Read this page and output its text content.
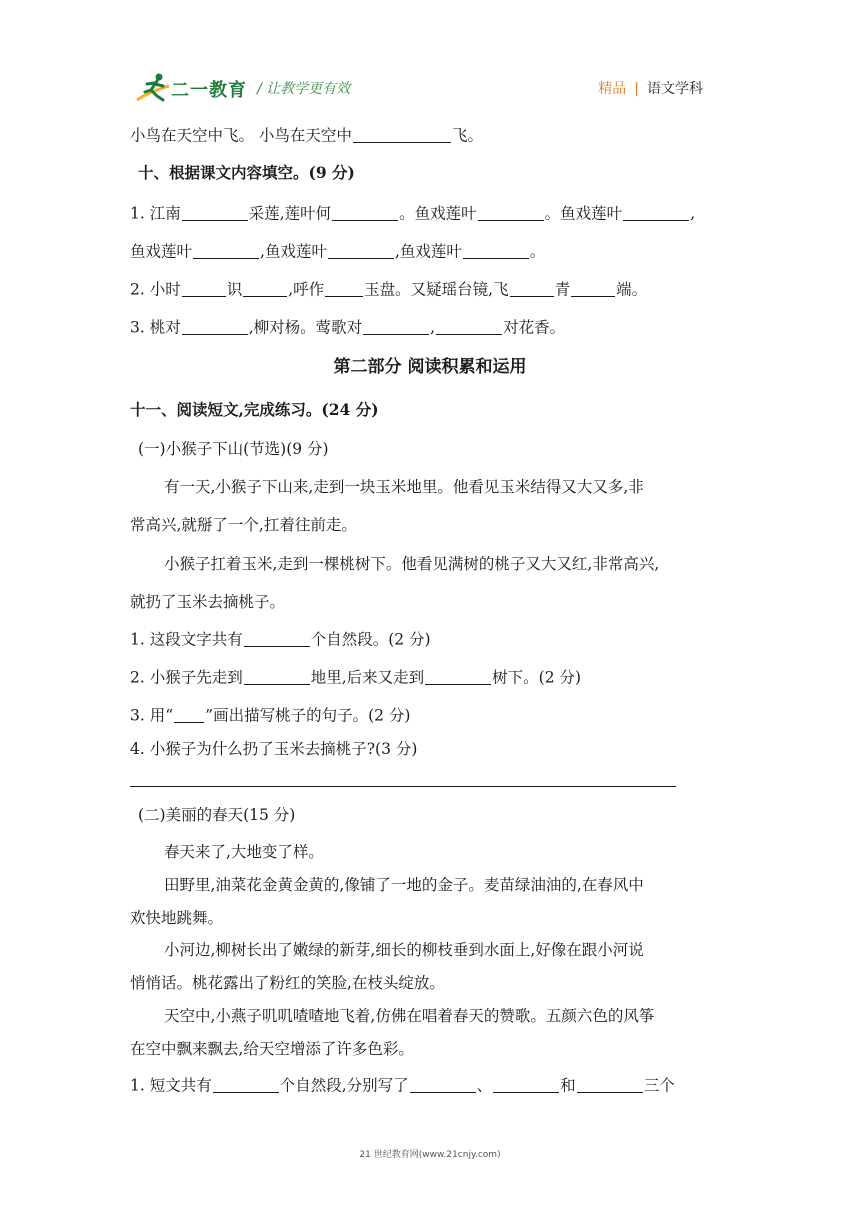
二一教育 / 让教学更有效	精品 | 语文学科
小鸟在天空中飞。 小鸟在天空中	飞。
十、根据课文内容填空。(9 分)
1. 江南	采莲,莲叶何	。鱼戏莲叶	。鱼戏莲叶	,
鱼戏莲叶	,鱼戏莲叶	,鱼戏莲叶	。
2. 小时	识	,呼作	玉盘。又疑瑶台镜,飞	青	端。
3. 桃对	,柳对杨。莺歌对	,	对花香。
第二部分 阅读积累和运用
十一、阅读短文,完成练习。(24 分)
(一)小猴子下山(节选)(9 分)
有一天,小猴子下山来,走到一块玉米地里。他看见玉米结得又大又多,非
常高兴,就掰了一个,扛着往前走。
小猴子扛着玉米,走到一棵桃树下。他看见满树的桃子又大又红,非常高兴,
就扔了玉米去摘桃子。
1. 这段文字共有	个自然段。(2 分)
2. 小猴子先走到	地里,后来又走到	树下。(2 分)
3. 用“ ”画出描写桃子的句子。(2 分)
4. 小猴子为什么扔了玉米去摘桃子?(3 分)
(二)美丽的春天(15 分)
春天来了,大地变了样。
田野里,油菜花金黄金黄的,像铺了一地的金子。麦苗绿油油的,在春风中
欢快地跳舞。
小河边,柳树长出了嫩绿的新芽,细长的柳枝垂到水面上,好像在跟小河说
悄悄话。桃花露出了粉红的笑脸,在枝头绽放。
天空中,小燕子叽叽喳喳地飞着,仿佛在唱着春天的赞歌。五颜六色的风筝
在空中飘来飘去,给天空增添了许多色彩。
1. 短文共有	个自然段,分别写了	、	和	三个
21 世纪教育网(www.21cnjy.com)
